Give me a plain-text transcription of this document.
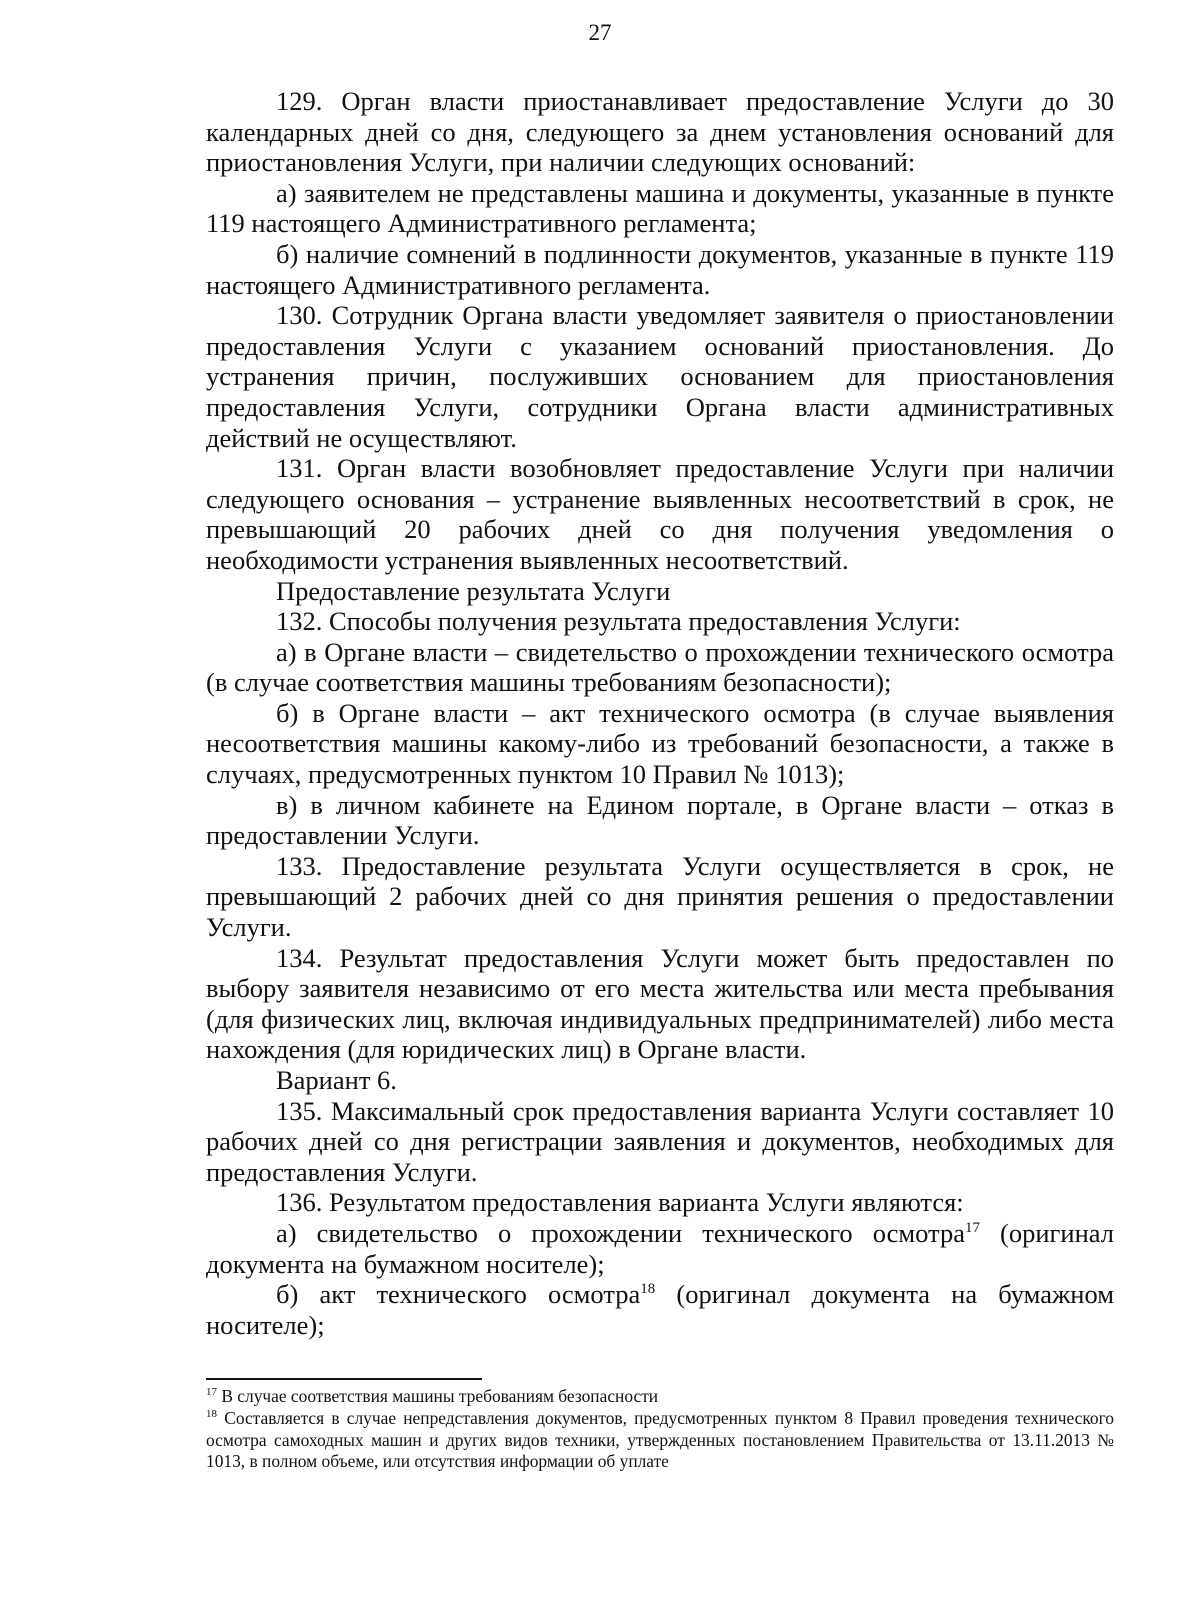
27

129. Орган власти приостанавливает предоставление Услуги до 30 календарных дней со дня, следующего за днем установления оснований для приостановления Услуги, при наличии следующих оснований:

а) заявителем не представлены машина и документы, указанные в пункте 119 настоящего Административного регламента;

б) наличие сомнений в подлинности документов, указанные в пункте 119 настоящего Административного регламента.

130. Сотрудник Органа власти уведомляет заявителя о приостановлении предоставления Услуги с указанием оснований приостановления. До устранения причин, послуживших основанием для приостановления предоставления Услуги, сотрудники Органа власти административных действий не осуществляют.

131. Орган власти возобновляет предоставление Услуги при наличии следующего основания – устранение выявленных несоответствий в срок, не превышающий 20 рабочих дней со дня получения уведомления о необходимости устранения выявленных несоответствий.

Предоставление результата Услуги

132. Способы получения результата предоставления Услуги:

а) в Органе власти – свидетельство о прохождении технического осмотра (в случае соответствия машины требованиям безопасности);

б) в Органе власти – акт технического осмотра (в случае выявления несоответствия машины какому-либо из требований безопасности, а также в случаях, предусмотренных пунктом 10 Правил № 1013);

в) в личном кабинете на Едином портале, в Органе власти – отказ в предоставлении Услуги.

133. Предоставление результата Услуги осуществляется в срок, не превышающий 2 рабочих дней со дня принятия решения о предоставлении Услуги.

134. Результат предоставления Услуги может быть предоставлен по выбору заявителя независимо от его места жительства или места пребывания (для физических лиц, включая индивидуальных предпринимателей) либо места нахождения (для юридических лиц) в Органе власти.

Вариант 6.

135. Максимальный срок предоставления варианта Услуги составляет 10 рабочих дней со дня регистрации заявления и документов, необходимых для предоставления Услуги.

136. Результатом предоставления варианта Услуги являются:

а) свидетельство о прохождении технического осмотра$^{17}$ (оригинал документа на бумажном носителе);

б) акт технического осмотра$^{18}$ (оригинал документа на бумажном носителе);

$^{17}$ В случае соответствия машины требованиям безопасности

$^{18}$ Составляется в случае непредставления документов, предусмотренных пунктом 8 Правил проведения технического осмотра самоходных машин и других видов техники, утвержденных постановлением Правительства от 13.11.2013 № 1013, в полном объеме, или отсутствия информации об уплате
